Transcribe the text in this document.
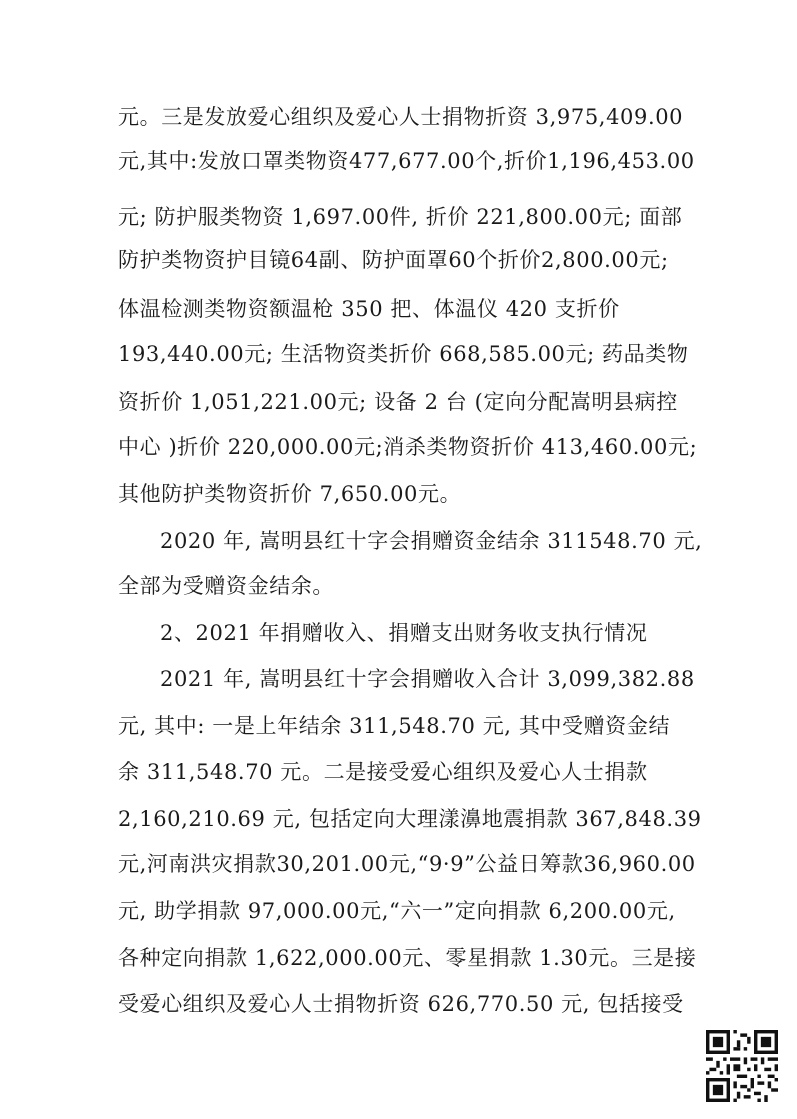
元。三是发放爱心组织及爱心人士捐物折资 3,975,409.00
元,其中:发放口罩类物资477,677.00个,折价1,196,453.00
元; 防护服类物资 1,697.00件, 折价 221,800.00元; 面部
防护类物资护目镜64副、防护面罩60个折价2,800.00元;
体温检测类物资额温枪 350 把、体温仪 420 支折价
193,440.00元; 生活物资类折价 668,585.00元; 药品类物
资折价 1,051,221.00元; 设备 2 台 (定向分配嵩明县病控
中心 )折价 220,000.00元;消杀类物资折价 413,460.00元;
其他防护类物资折价 7,650.00元。
2020 年, 嵩明县红十字会捐赠资金结余 311548.70 元,
全部为受赠资金结余。
2、2021 年捐赠收入、捐赠支出财务收支执行情况
2021 年, 嵩明县红十字会捐赠收入合计 3,099,382.88
元, 其中: 一是上年结余 311,548.70 元, 其中受赠资金结
余 311,548.70 元。二是接受爱心组织及爱心人士捐款
2,160,210.69 元, 包括定向大理漾濞地震捐款 367,848.39
元,河南洪灾捐款30,201.00元,“9·9”公益日筹款36,960.00
元, 助学捐款 97,000.00元,“六一”定向捐款 6,200.00元,
各种定向捐款 1,622,000.00元、零星捐款 1.30元。三是接
受爱心组织及爱心人士捐物折资 626,770.50 元, 包括接受
